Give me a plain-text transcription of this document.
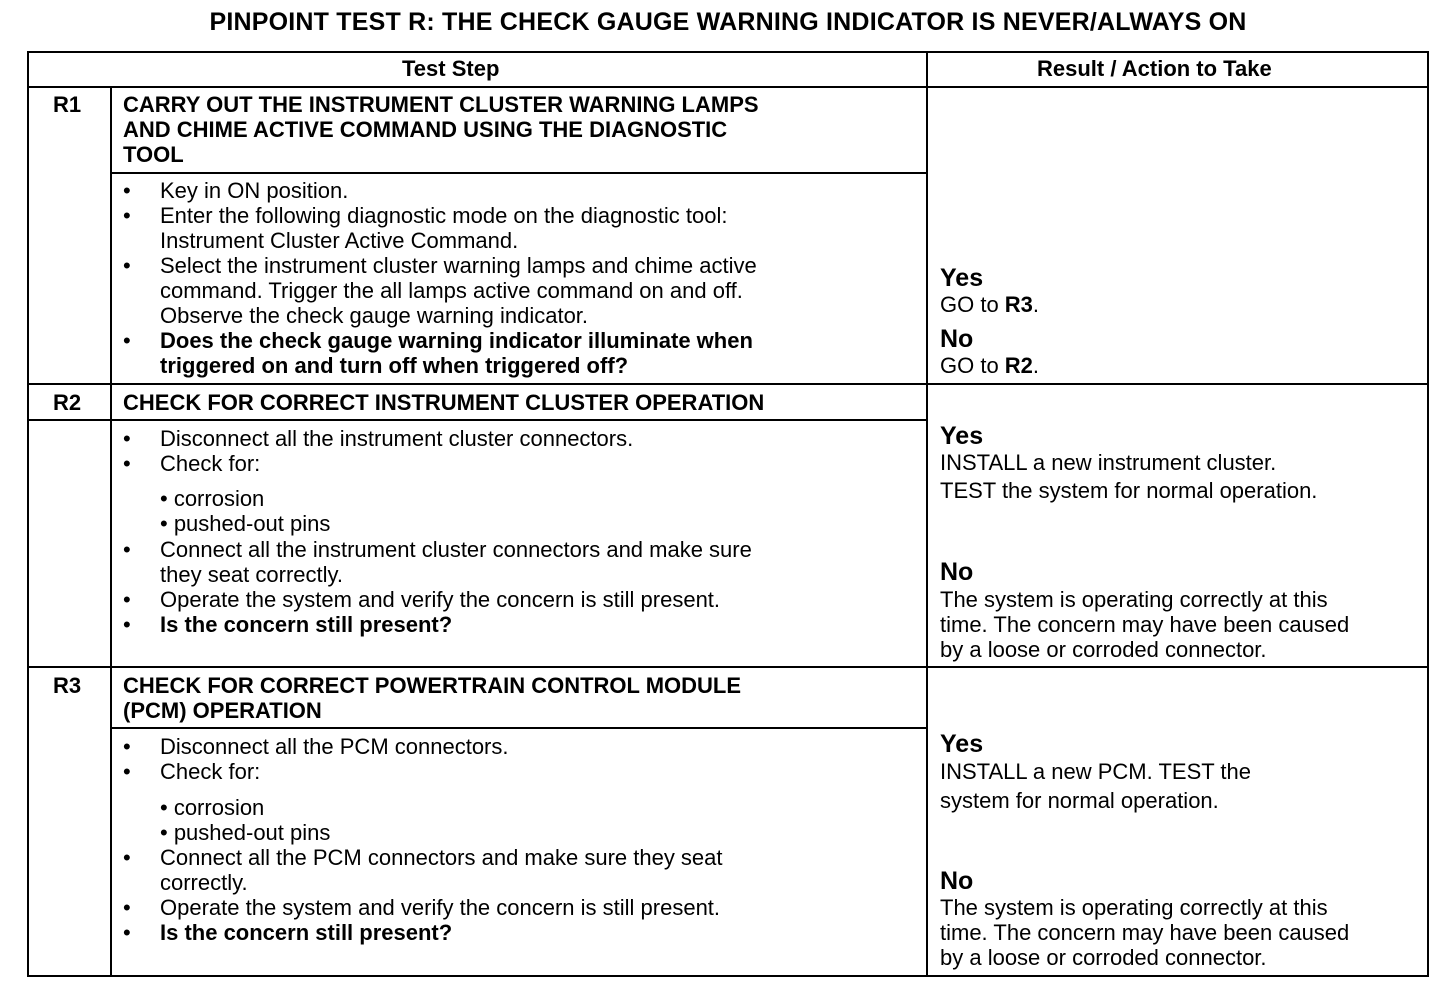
PINPOINT TEST R: THE CHECK GAUGE WARNING INDICATOR IS NEVER/ALWAYS ON
Test Step	Result / Action to Take
R1 CARRY OUT THE INSTRUMENT CLUSTER WARNING LAMPS
AND CHIME ACTIVE COMMAND USING THE DIAGNOSTIC
TOOL
• Key in ON position.
• Enter the following diagnostic mode on the diagnostic tool:
Instrument Cluster Active Command.
• Select the instrument cluster warning lamps and chime active
command. Trigger the all lamps active command on and off.
Observe the check gauge warning indicator.
• Does the check gauge warning indicator illuminate when
triggered on and turn off when triggered off?
Yes
GO to R3.
No
GO to R2.
R2 CHECK FOR CORRECT INSTRUMENT CLUSTER OPERATION
• Disconnect all the instrument cluster connectors.
• Check for:
• corrosion
• pushed-out pins
• Connect all the instrument cluster connectors and make sure
they seat correctly.
• Operate the system and verify the concern is still present.
• Is the concern still present?
Yes
INSTALL a new instrument cluster.
TEST the system for normal operation.
No
The system is operating correctly at this
time. The concern may have been caused
by a loose or corroded connector.
R3 CHECK FOR CORRECT POWERTRAIN CONTROL MODULE
(PCM) OPERATION
• Disconnect all the PCM connectors.
• Check for:
• corrosion
• pushed-out pins
• Connect all the PCM connectors and make sure they seat
correctly.
• Operate the system and verify the concern is still present.
• Is the concern still present?
Yes
INSTALL a new PCM. TEST the
system for normal operation.
No
The system is operating correctly at this
time. The concern may have been caused
by a loose or corroded connector.
